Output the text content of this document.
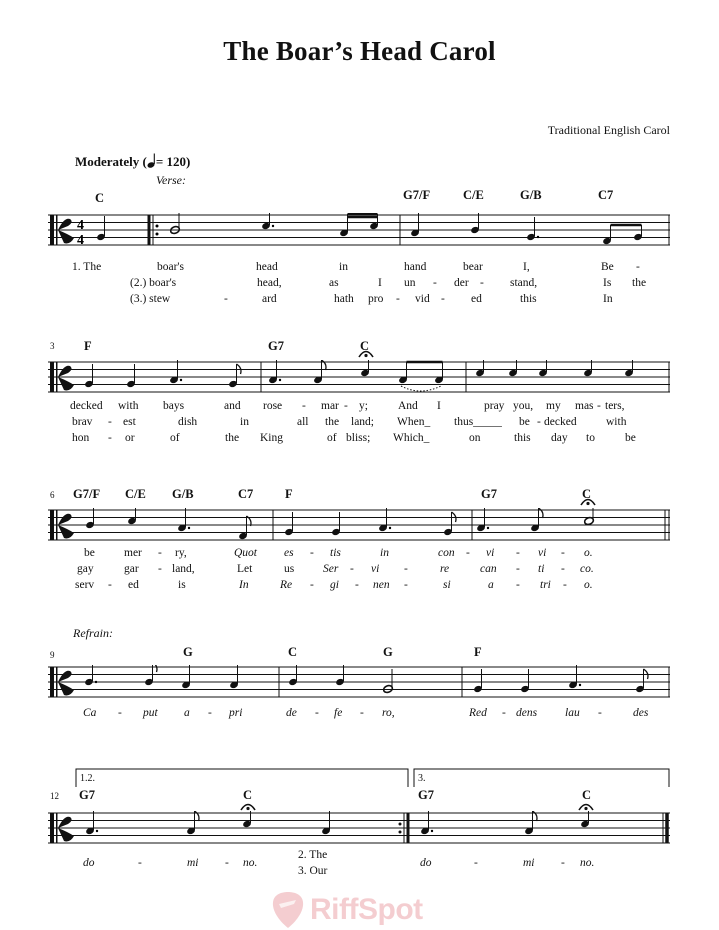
The Boar’s Head Carol
Traditional English Carol
Moderately ( = 120)
Verse:
C	G7/F	C/E	G/B	C7
4
4
1. The	boar's	head	in	hand	bear	I,	Be -
(2.) boar's	head,	as	I un - der - stand,	Is the
(3.) stew	-	ard	hath pro - vid - ed	this	In
3 F	G7	C
decked with bays	and rose - mar - y;	And I	pray you, my mas - ters,
brav - est	dish	in	all the land; When_ thus_____ be - decked	with
hon - or	of	the King	of bliss; Which_	on	this day to	be
6 G7/F C/E G/B	C7	F	G7	C
be	mer - ry,	Quot es - tis	in	con - vi - vi - o.
gay	gar - land,	Let	us	Ser - vi -	re	can - ti - co.
serv - ed	is	In	Re - gi - nen -	si	a - tri - o.
Refrain:
9	G	C	G	F
Ca - put a - pri	de - fe - ro,	Red - dens lau -	des
1.2.	3.
12 G7	C	G7	C
do	-	mi - no.
2. The
3. Our
do	-	mi - no.
RiffSpot
